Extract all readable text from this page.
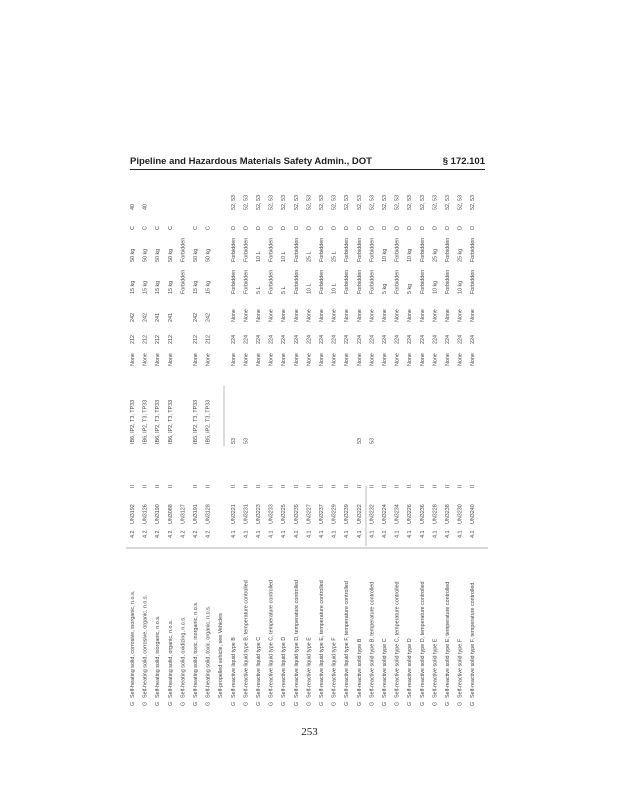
Pipeline and Hazardous Materials Safety Admin., DOT	§ 172.101
G
Self-heating solid, corrosive, inorganic, n.o.s.
4.2
UN3192
II
IB6, IP2, T3, TP33
None
212
242
15 kg
50 kg
C
40
G
Self-heating solid, corrosive, organic, n.o.s.
4.2
UN3126
II
IB6, IP2, T3, TP33
None
212
242
15 kg
50 kg
C
40
G
Self-heating solid, inorganic, n.o.s.
4.2
UN3190
II
IB6, IP2, T3, TP33
None
212
241
15 kg
50 kg
C
G
Self-heating solid, organic, n.o.s.
4.2
UN3088
II
IB6, IP2, T3, TP33
None
212
241
15 kg
50 kg
C
G
Self-heating solid, oxidizing, n.o.s.
4.2
UN3127
Forbidden
Forbidden
G
Self-heating solid, toxic, inorganic, n.o.s.
4.2
UN3191
II
IB5, IP2, T3, TP33
None
212
242
15 kg
50 kg
C
G
Self-heating solid, toxic, organic, n.o.s.
4.2
UN3128
II
IB5, IP2, T3, TP33
None
212
242
15 kg
50 kg
C
Self-propelled vehicle, see Vehicles
G
Self-reactive liquid type B
4.1
UN3221
II
53
None
224
None
Forbidden
Forbidden
D
52, 53
G
Self-reactive liquid type B, temperature controlled
4.1
UN3231
II
53
None
224
None
Forbidden
Forbidden
D
52, 53
G
Self-reactive liquid type C
4.1
UN3223
II
None
224
None
5 L
10 L
D
52, 53
G
Self-reactive liquid type C, temperature controlled
4.1
UN3233
II
None
224
None
Forbidden
Forbidden
D
52, 53
G
Self-reactive liquid type D
4.1
UN3225
II
None
224
None
5 L
10 L
D
52, 53
G
Self-reactive liquid type D, temperature controlled
4.1
UN3235
II
None
224
None
Forbidden
Forbidden
D
52, 53
G
Self-reactive liquid type E
4.1
UN3227
II
None
224
None
10 L
25 L
D
52, 53
G
Self-reactive liquid type E, temperature controlled
4.1
UN3237
II
None
224
None
Forbidden
Forbidden
D
52, 53
G
Self-reactive liquid type F
4.1
UN3229
II
None
224
None
10 L
25 L
D
52, 53
G
Self-reactive liquid type F, temperature controlled
4.1
UN3239
II
None
224
None
Forbidden
Forbidden
D
52, 53
G
Self-reactive solid type B
4.1
UN3222
II
53
None
224
None
Forbidden
Forbidden
D
52, 53
G
Self-reactive solid type B, temperature controlled
4.1
UN3232
II
53
None
224
None
Forbidden
Forbidden
D
52, 53
G
Self-reactive solid type C
4.1
UN3224
II
None
224
None
5 kg
10 kg
D
52, 53
G
Self-reactive solid type C, temperature controlled
4.1
UN3234
II
None
224
None
Forbidden
Forbidden
D
52, 53
G
Self-reactive solid type D
4.1
UN3226
II
None
224
None
5 kg
10 kg
D
52, 53
G
Self-reactive solid type D, temperature controlled
4.1
UN3236
II
None
224
None
Forbidden
Forbidden
D
52, 53
G
Self-reactive solid type E
4.1
UN3228
II
None
224
None
10 kg
25 kg
D
52, 53
G
Self-reactive solid type E, temperature controlled
4.1
UN3238
II
None
224
None
Forbidden
Forbidden
D
52, 53
G
Self-reactive solid type F
4.1
UN3230
II
None
224
None
10 kg
25 kg
D
52, 53
G
Self-reactive solid type F, temperature controlled
4.1
UN3240
II
None
224
None
Forbidden
Forbidden
D
52, 53
253
